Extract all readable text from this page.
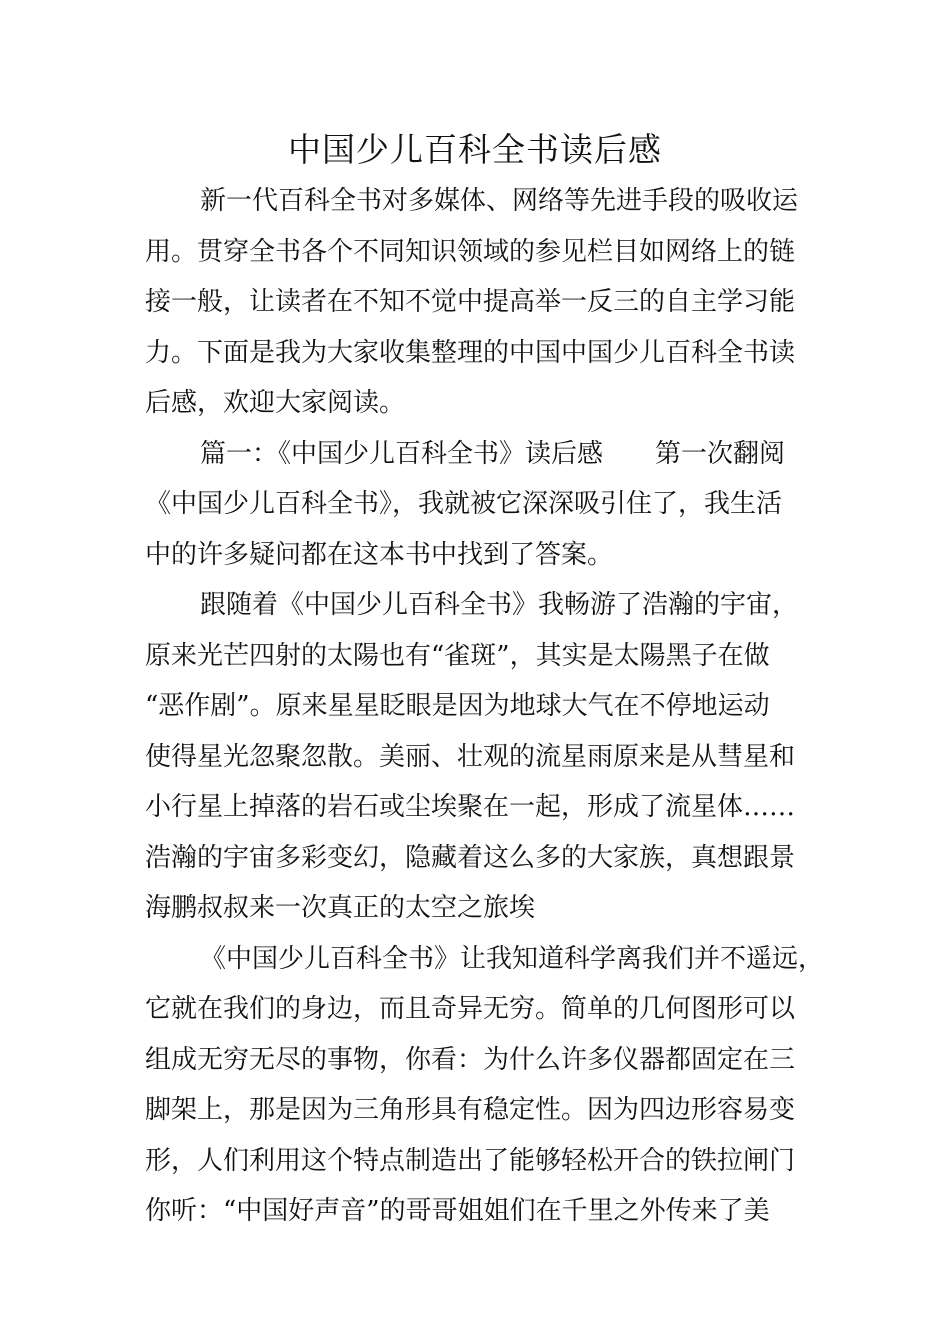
中国少儿百科全书读后感
新一代百科全书对多媒体、网络等先进手段的吸收运
用。贯穿全书各个不同知识领域的参见栏目如网络上的链
接一般，让读者在不知不觉中提高举一反三的自主学习能
力。下面是我为大家收集整理的中国中国少儿百科全书读
后感，欢迎大家阅读。
篇一：《中国少儿百科全书》读后感　　第一次翻阅
《中国少儿百科全书》，我就被它深深吸引住了，我生活
中的许多疑问都在这本书中找到了答案。
跟随着《中国少儿百科全书》我畅游了浩瀚的宇宙，
原来光芒四射的太陽也有“雀斑”，其实是太陽黑子在做
“恶作剧”。原来星星眨眼是因为地球大气在不停地运动
使得星光忽聚忽散。美丽、壮观的流星雨原来是从彗星和
小行星上掉落的岩石或尘埃聚在一起，形成了流星体……
浩瀚的宇宙多彩变幻，隐藏着这么多的大家族，真想跟景
海鹏叔叔来一次真正的太空之旅埃
《中国少儿百科全书》让我知道科学离我们并不遥远，
它就在我们的身边，而且奇异无穷。简单的几何图形可以
组成无穷无尽的事物，你看：为什么许多仪器都固定在三
脚架上，那是因为三角形具有稳定性。因为四边形容易变
形，人们利用这个特点制造出了能够轻松开合的铁拉闸门
你听：“中国好声音”的哥哥姐姐们在千里之外传来了美
